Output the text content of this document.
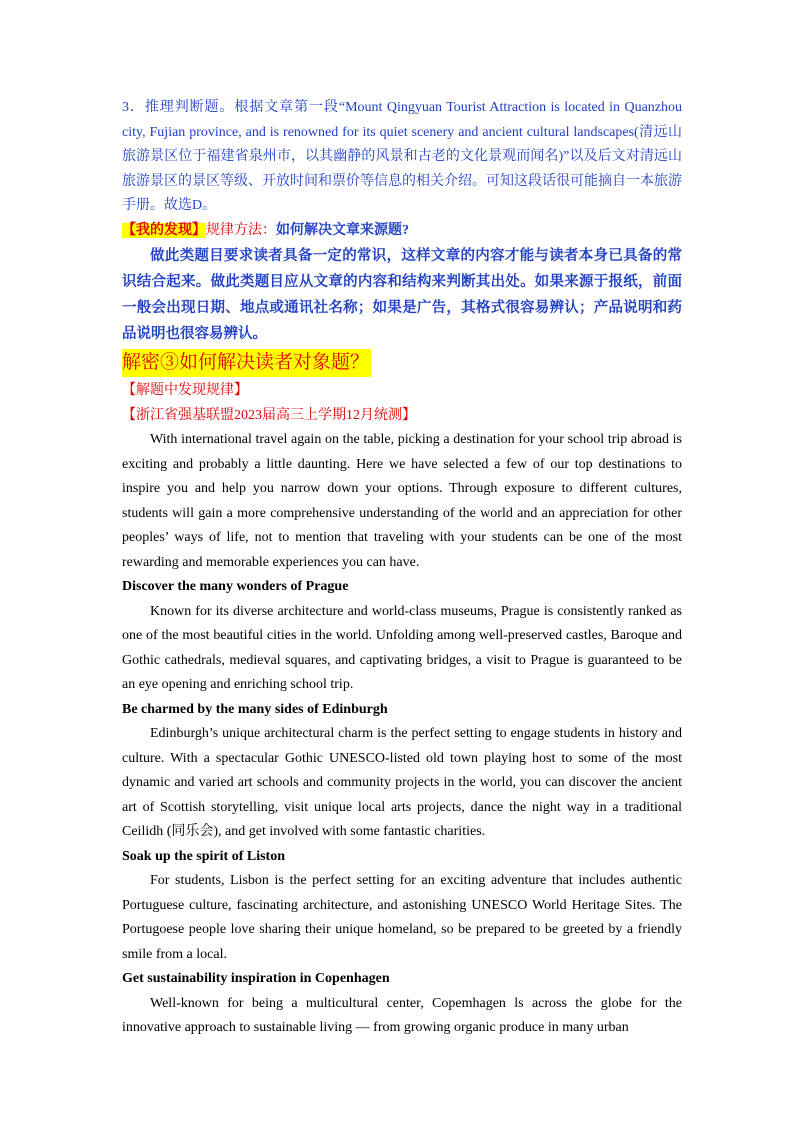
3．推理判断题。根据文章第一段“Mount Qingyuan Tourist Attraction is located in Quanzhou city, Fujian province, and is renowned for its quiet scenery and ancient cultural landscapes(清远山旅游景区位于福建省泉州市，以其幽静的风景和古老的文化景观而闻名)”以及后文对清远山旅游景区的景区等级、开放时间和票价等信息的相关介绍。可知这段话很可能摘自一本旅游手册。故选D。

【我的发现】规律方法：如何解决文章来源题?

做此类题目要求读者具备一定的常识，这样文章的内容才能与读者本身已具备的常识结合起来。做此类题目应从文章的内容和结构来判断其出处。如果来源于报纸，前面一般会出现日期、地点或通讯社名称；如果是广告，其格式很容易辨认；产品说明和药品说明也很容易辨认。

解密③如何解决读者对象题？

【解题中发现规律】

【浙江省强基联盟2023届高三上学期12月统测】

With international travel again on the table, picking a destination for your school trip abroad is exciting and probably a little daunting. Here we have selected a few of our top destinations to inspire you and help you narrow down your options. Through exposure to different cultures, students will gain a more comprehensive understanding of the world and an appreciation for other peoples’ ways of life, not to mention that traveling with your students can be one of the most rewarding and memorable experiences you can have.

Discover the many wonders of Prague

Known for its diverse architecture and world-class museums, Prague is consistently ranked as one of the most beautiful cities in the world. Unfolding among well-preserved castles, Baroque and Gothic cathedrals, medieval squares, and captivating bridges, a visit to Prague is guaranteed to be an eye opening and enriching school trip.

Be charmed by the many sides of Edinburgh

Edinburgh’s unique architectural charm is the perfect setting to engage students in history and culture. With a spectacular Gothic UNESCO-listed old town playing host to some of the most dynamic and varied art schools and community projects in the world, you can discover the ancient art of Scottish storytelling, visit unique local arts projects, dance the night way in a traditional Ceilidh (同乐会), and get involved with some fantastic charities.

Soak up the spirit of Liston

For students, Lisbon is the perfect setting for an exciting adventure that includes authentic Portuguese culture, fascinating architecture, and astonishing UNESCO World Heritage Sites. The Portugoese people love sharing their unique homeland, so be prepared to be greeted by a friendly smile from a local.

Get sustainability inspiration in Copenhagen

Well-known for being a multicultural center, Copemhagen ls across the globe for the innovative approach to sustainable living — from growing organic produce in many urban
